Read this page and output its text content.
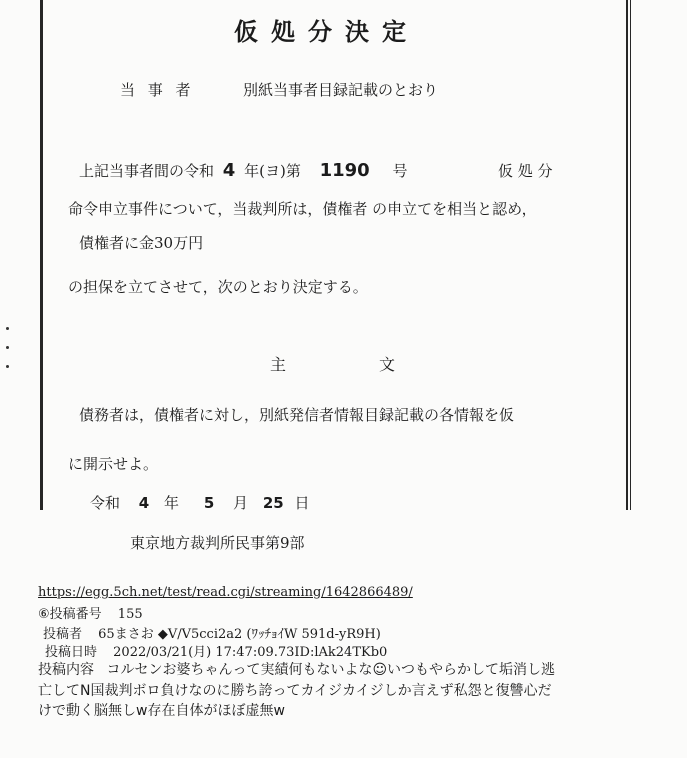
仮処分決定
当 事 者	別紙当事者目録記載のとおり
上記当事者間の令和 4 年(ヨ)第 1190 号	仮 処 分
命令申立事件について，当裁判所は，債権者 の申立てを相当と認め，
債権者に金30万円
の担保を立てさせて，次のとおり決定する。
主	文
債務者は，債権者に対し，別紙発信者情報目録記載の各情報を仮
に開示せよ。
令和 4 年 5 月 25 日
東京地方裁判所民事第9部
https://egg.5ch.net/test/read.cgi/streaming/1642866489/
⑥投稿番号 155
投稿者 65まさお ◆V/V5cci2a2 (ﾜｯﾁｮｲW 591d-yR9H)
投稿日時 2022/03/21(月) 17:47:09.73ID:lAk24TKb0
投稿内容 コルセンお婆ちゃんって実績何もないよな☺いつもやらかして垢消し逃
亡してN国裁判ボロ負けなのに勝ち誇ってカイジカイジしか言えず私怨と復讐心だ
けで動く脳無しw存在自体がほぼ虚無w
